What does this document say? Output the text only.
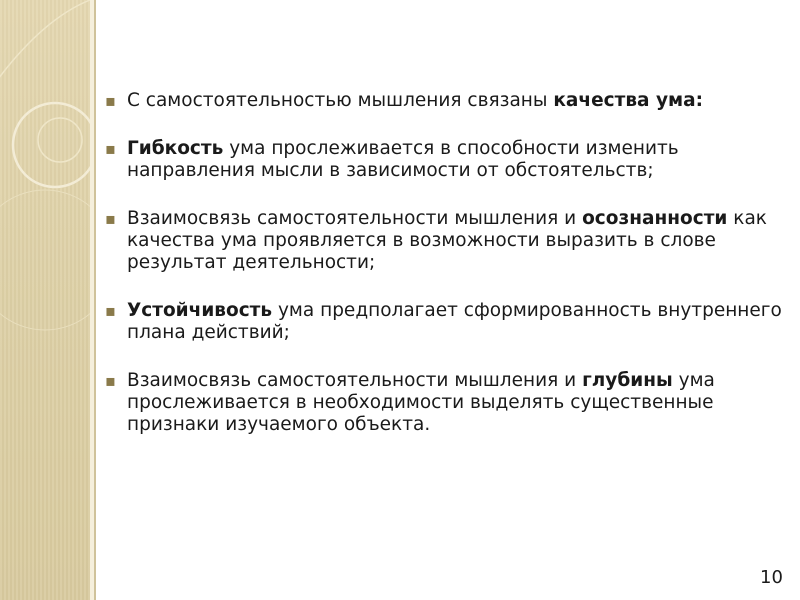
▪ С самостоятельностью мышления связаны качества ума:
▪ Гибкость ума прослеживается в способности изменить направления мысли в зависимости от обстоятельств;
▪ Взаимосвязь самостоятельности мышления и осознанности как качества ума проявляется в возможности выразить в слове результат деятельности;
▪ Устойчивость ума предполагает сформированность внутреннего плана действий;
▪ Взаимосвязь самостоятельности мышления и глубины ума прослеживается в необходимости выделять существенные признаки изучаемого объекта.
10
